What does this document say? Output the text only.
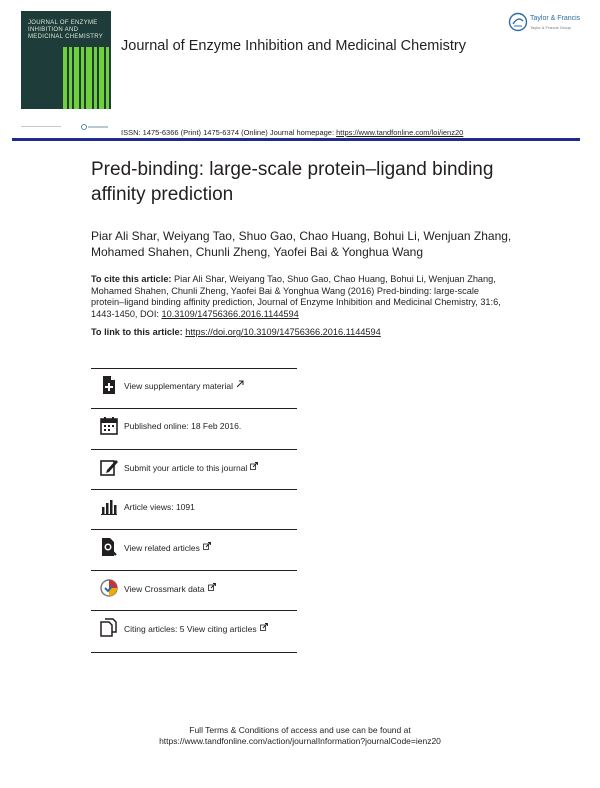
JOURNAL OF ENZYME INHIBITION AND MEDICINAL CHEMISTRY
Journal of Enzyme Inhibition and Medicinal Chemistry
Taylor & Francis
Taylor & Francis Group
ISSN: 1475-6366 (Print) 1475-6374 (Online) Journal homepage: https://www.tandfonline.com/loi/ienz20
Pred-binding: large-scale protein–ligand binding affinity prediction
Piar Ali Shar, Weiyang Tao, Shuo Gao, Chao Huang, Bohui Li, Wenjuan Zhang, Mohamed Shahen, Chunli Zheng, Yaofei Bai & Yonghua Wang
To cite this article: Piar Ali Shar, Weiyang Tao, Shuo Gao, Chao Huang, Bohui Li, Wenjuan Zhang, Mohamed Shahen, Chunli Zheng, Yaofei Bai & Yonghua Wang (2016) Pred-binding: large-scale protein–ligand binding affinity prediction, Journal of Enzyme Inhibition and Medicinal Chemistry, 31:6, 1443-1450, DOI: 10.3109/14756366.2016.1144594
To link to this article: https://doi.org/10.3109/14756366.2016.1144594
View supplementary material
Published online: 18 Feb 2016.
Submit your article to this journal
Article views: 1091
View related articles
View Crossmark data
Citing articles: 5 View citing articles
Full Terms & Conditions of access and use can be found at
https://www.tandfonline.com/action/journalInformation?journalCode=ienz20
